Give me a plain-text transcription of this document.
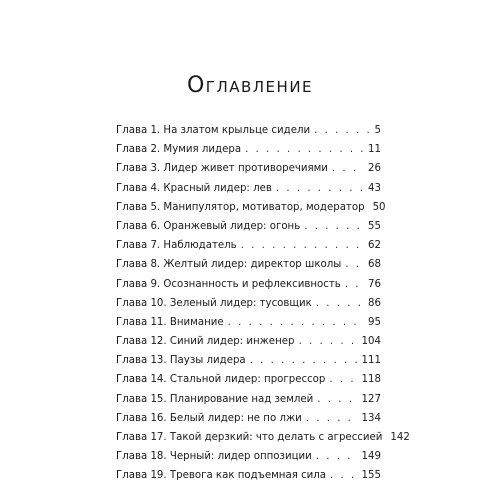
Оглавление
Глава 1. На златом крыльце сидели . . .	5
Глава 2. Мумия лидера . . .	11
Глава 3. Лидер живет противоречиями . . .	26
Глава 4. Красный лидер: лев . . .	43
Глава 5. Манипулятор, мотиватор, модератор 50
Глава 6. Оранжевый лидер: огонь . . .	55
Глава 7. Наблюдатель . . .	62
Глава 8. Желтый лидер: директор школы . . .	68
Глава 9. Осознанность и рефлексивность . . .	76
Глава 10. Зеленый лидер: тусовщик . . .	86
Глава 11. Внимание . . .	95
Глава 12. Синий лидер: инженер . . .	104
Глава 13. Паузы лидера . . .	111
Глава 14. Стальной лидер: прогрессор . . .	118
Глава 15. Планирование над землей . . .	127
Глава 16. Белый лидер: не по лжи . . .	134
Глава 17. Такой дерзкий: что делать с агрессией 142
Глава 18. Черный: лидер оппозиции . . .	149
Глава 19. Тревога как подъемная сила . . .	155
